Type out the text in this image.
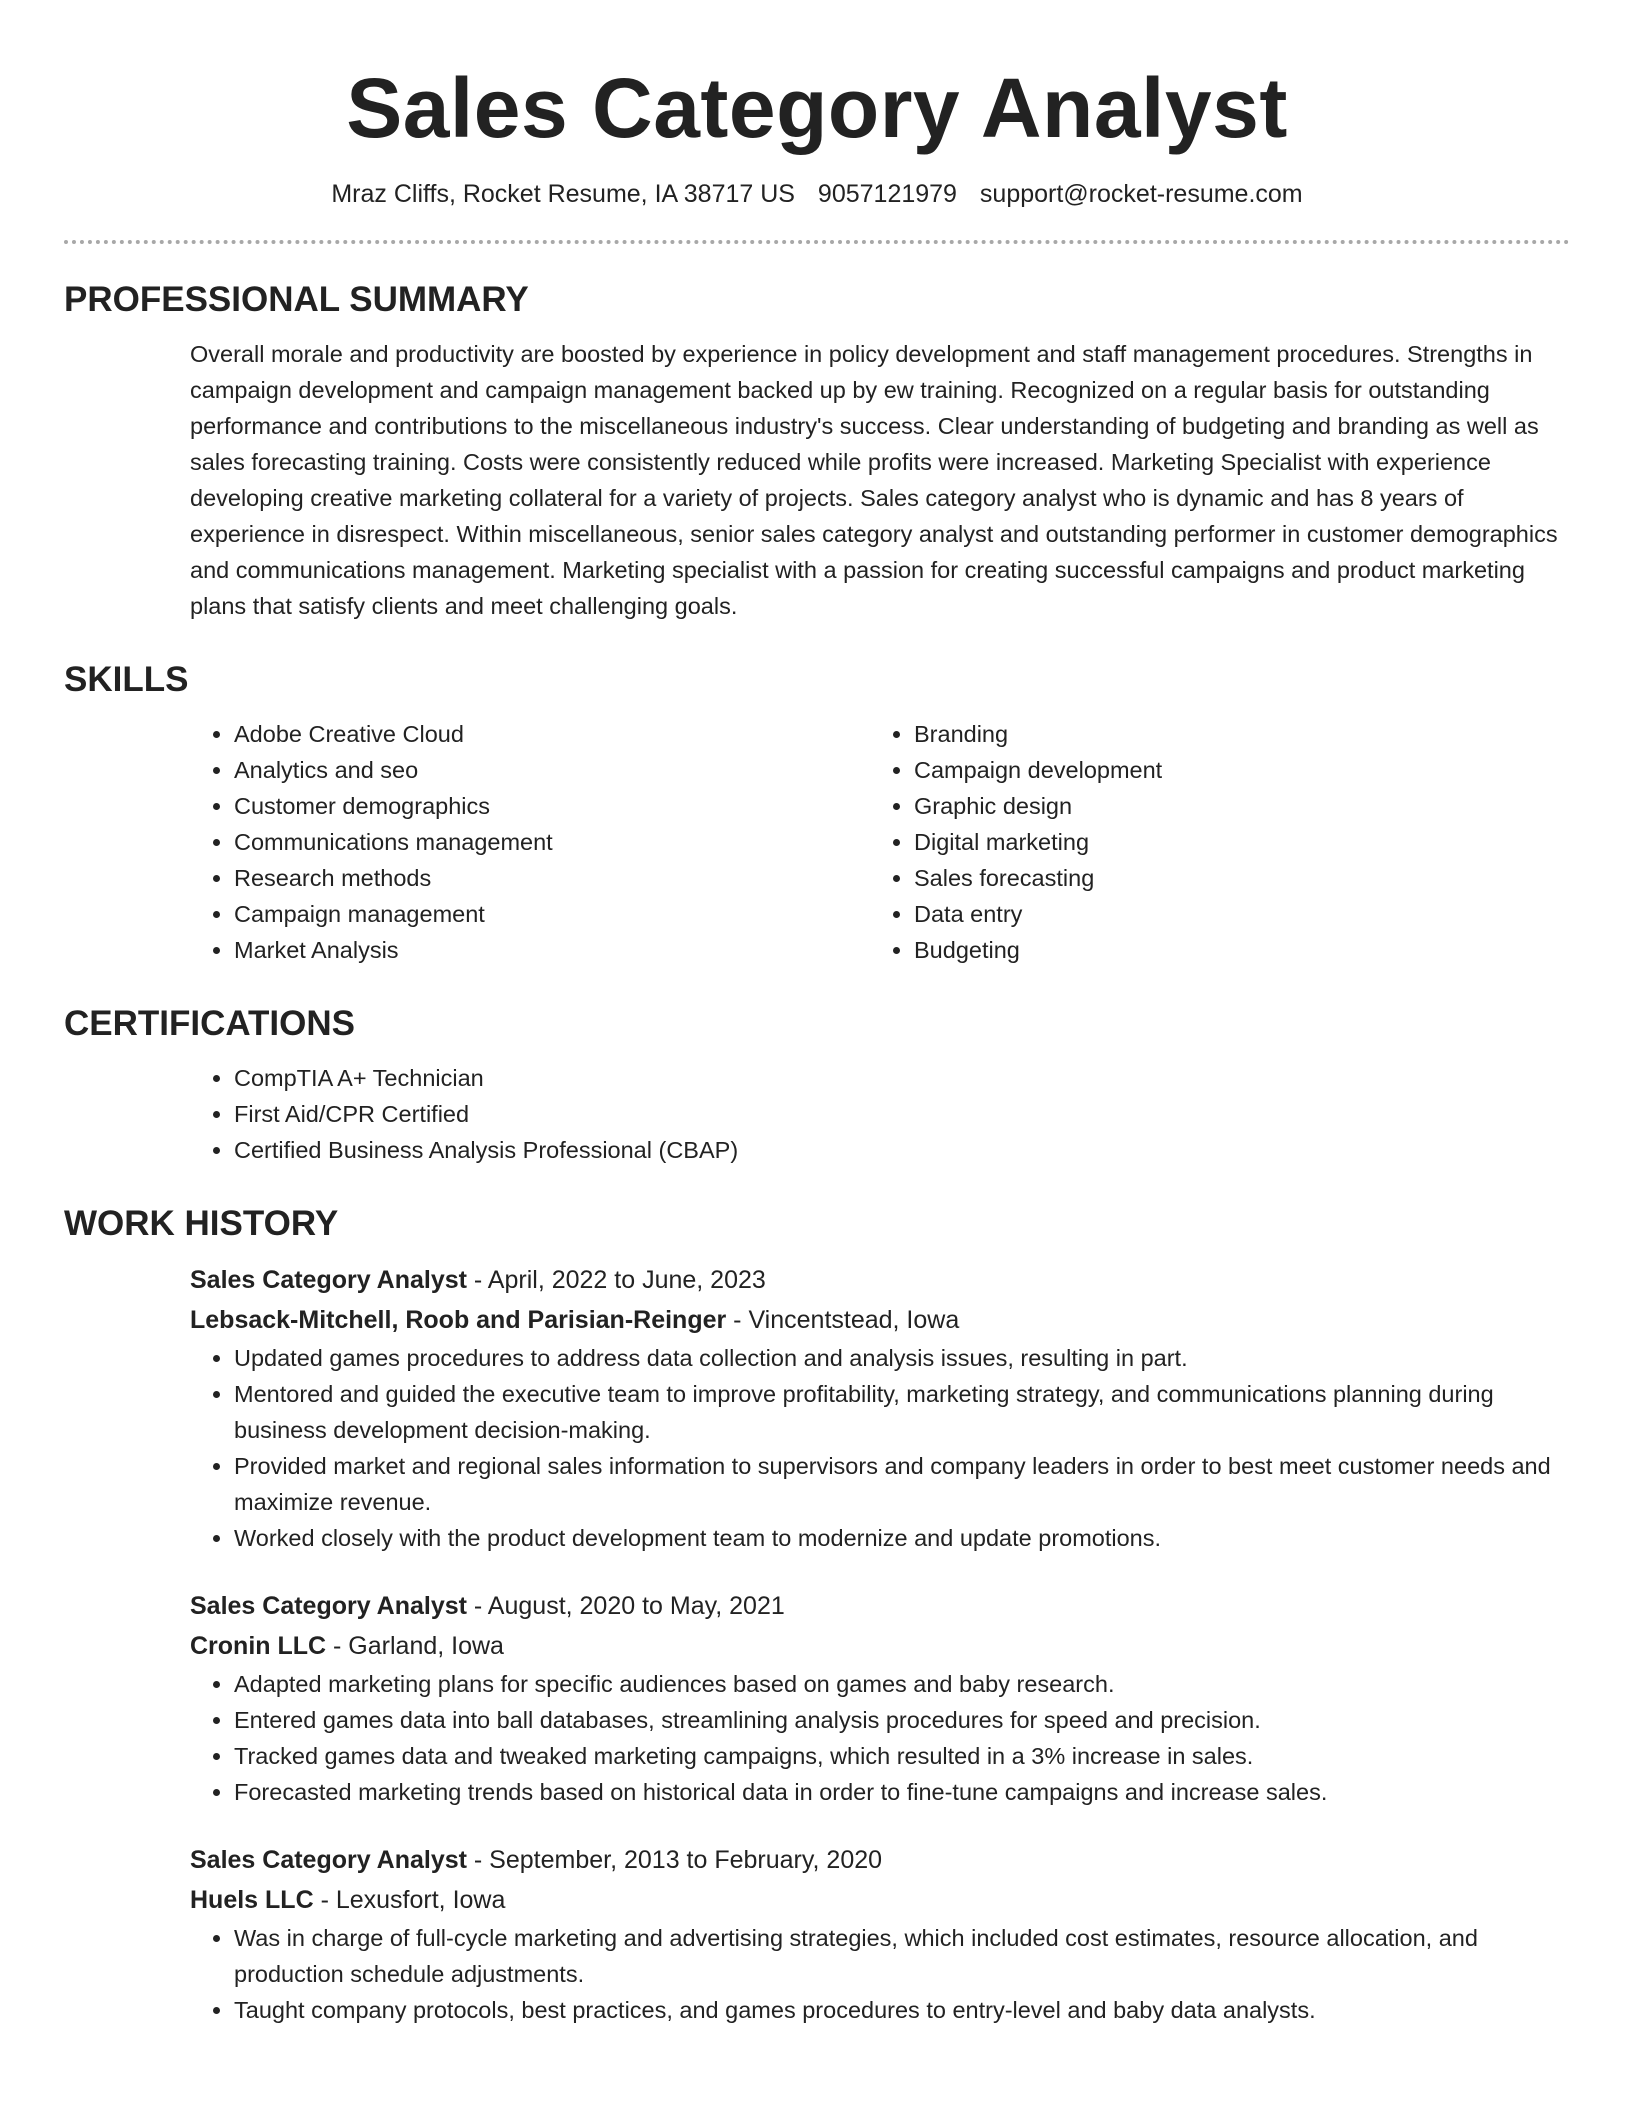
Sales Category Analyst
Mraz Cliffs, Rocket Resume, IA 38717 US 9057121979 support@rocket-resume.com
PROFESSIONAL SUMMARY

Overall morale and productivity are boosted by experience in policy development and staff management procedures. Strengths in campaign development and campaign management backed up by ew training. Recognized on a regular basis for outstanding performance and contributions to the miscellaneous industry's success. Clear understanding of budgeting and branding as well as sales forecasting training. Costs were consistently reduced while profits were increased. Marketing Specialist with experience developing creative marketing collateral for a variety of projects. Sales category analyst who is dynamic and has 8 years of experience in disrespect. Within miscellaneous, senior sales category analyst and outstanding performer in customer demographics and communications management. Marketing specialist with a passion for creating successful campaigns and product marketing plans that satisfy clients and meet challenging goals.

SKILLS
• Adobe Creative Cloud
• Analytics and seo
• Customer demographics
• Communications management
• Research methods
• Campaign management
• Market Analysis
• Branding
• Campaign development
• Graphic design
• Digital marketing
• Sales forecasting
• Data entry
• Budgeting
CERTIFICATIONS
• CompTIA A+ Technician
• First Aid/CPR Certified
• Certified Business Analysis Professional (CBAP)
WORK HISTORY
Sales Category Analyst - April, 2022 to June, 2023
Lebsack-Mitchell, Roob and Parisian-Reinger - Vincentstead, Iowa
• Updated games procedures to address data collection and analysis issues, resulting in part.
• Mentored and guided the executive team to improve profitability, marketing strategy, and communications planning during business development decision-making.
• Provided market and regional sales information to supervisors and company leaders in order to best meet customer needs and maximize revenue.
• Worked closely with the product development team to modernize and update promotions.
Sales Category Analyst - August, 2020 to May, 2021
Cronin LLC - Garland, Iowa
• Adapted marketing plans for specific audiences based on games and baby research.
• Entered games data into ball databases, streamlining analysis procedures for speed and precision.
• Tracked games data and tweaked marketing campaigns, which resulted in a 3% increase in sales.
• Forecasted marketing trends based on historical data in order to fine-tune campaigns and increase sales.
Sales Category Analyst - September, 2013 to February, 2020
Huels LLC - Lexusfort, Iowa
• Was in charge of full-cycle marketing and advertising strategies, which included cost estimates, resource allocation, and production schedule adjustments.
• Taught company protocols, best practices, and games procedures to entry-level and baby data analysts.
